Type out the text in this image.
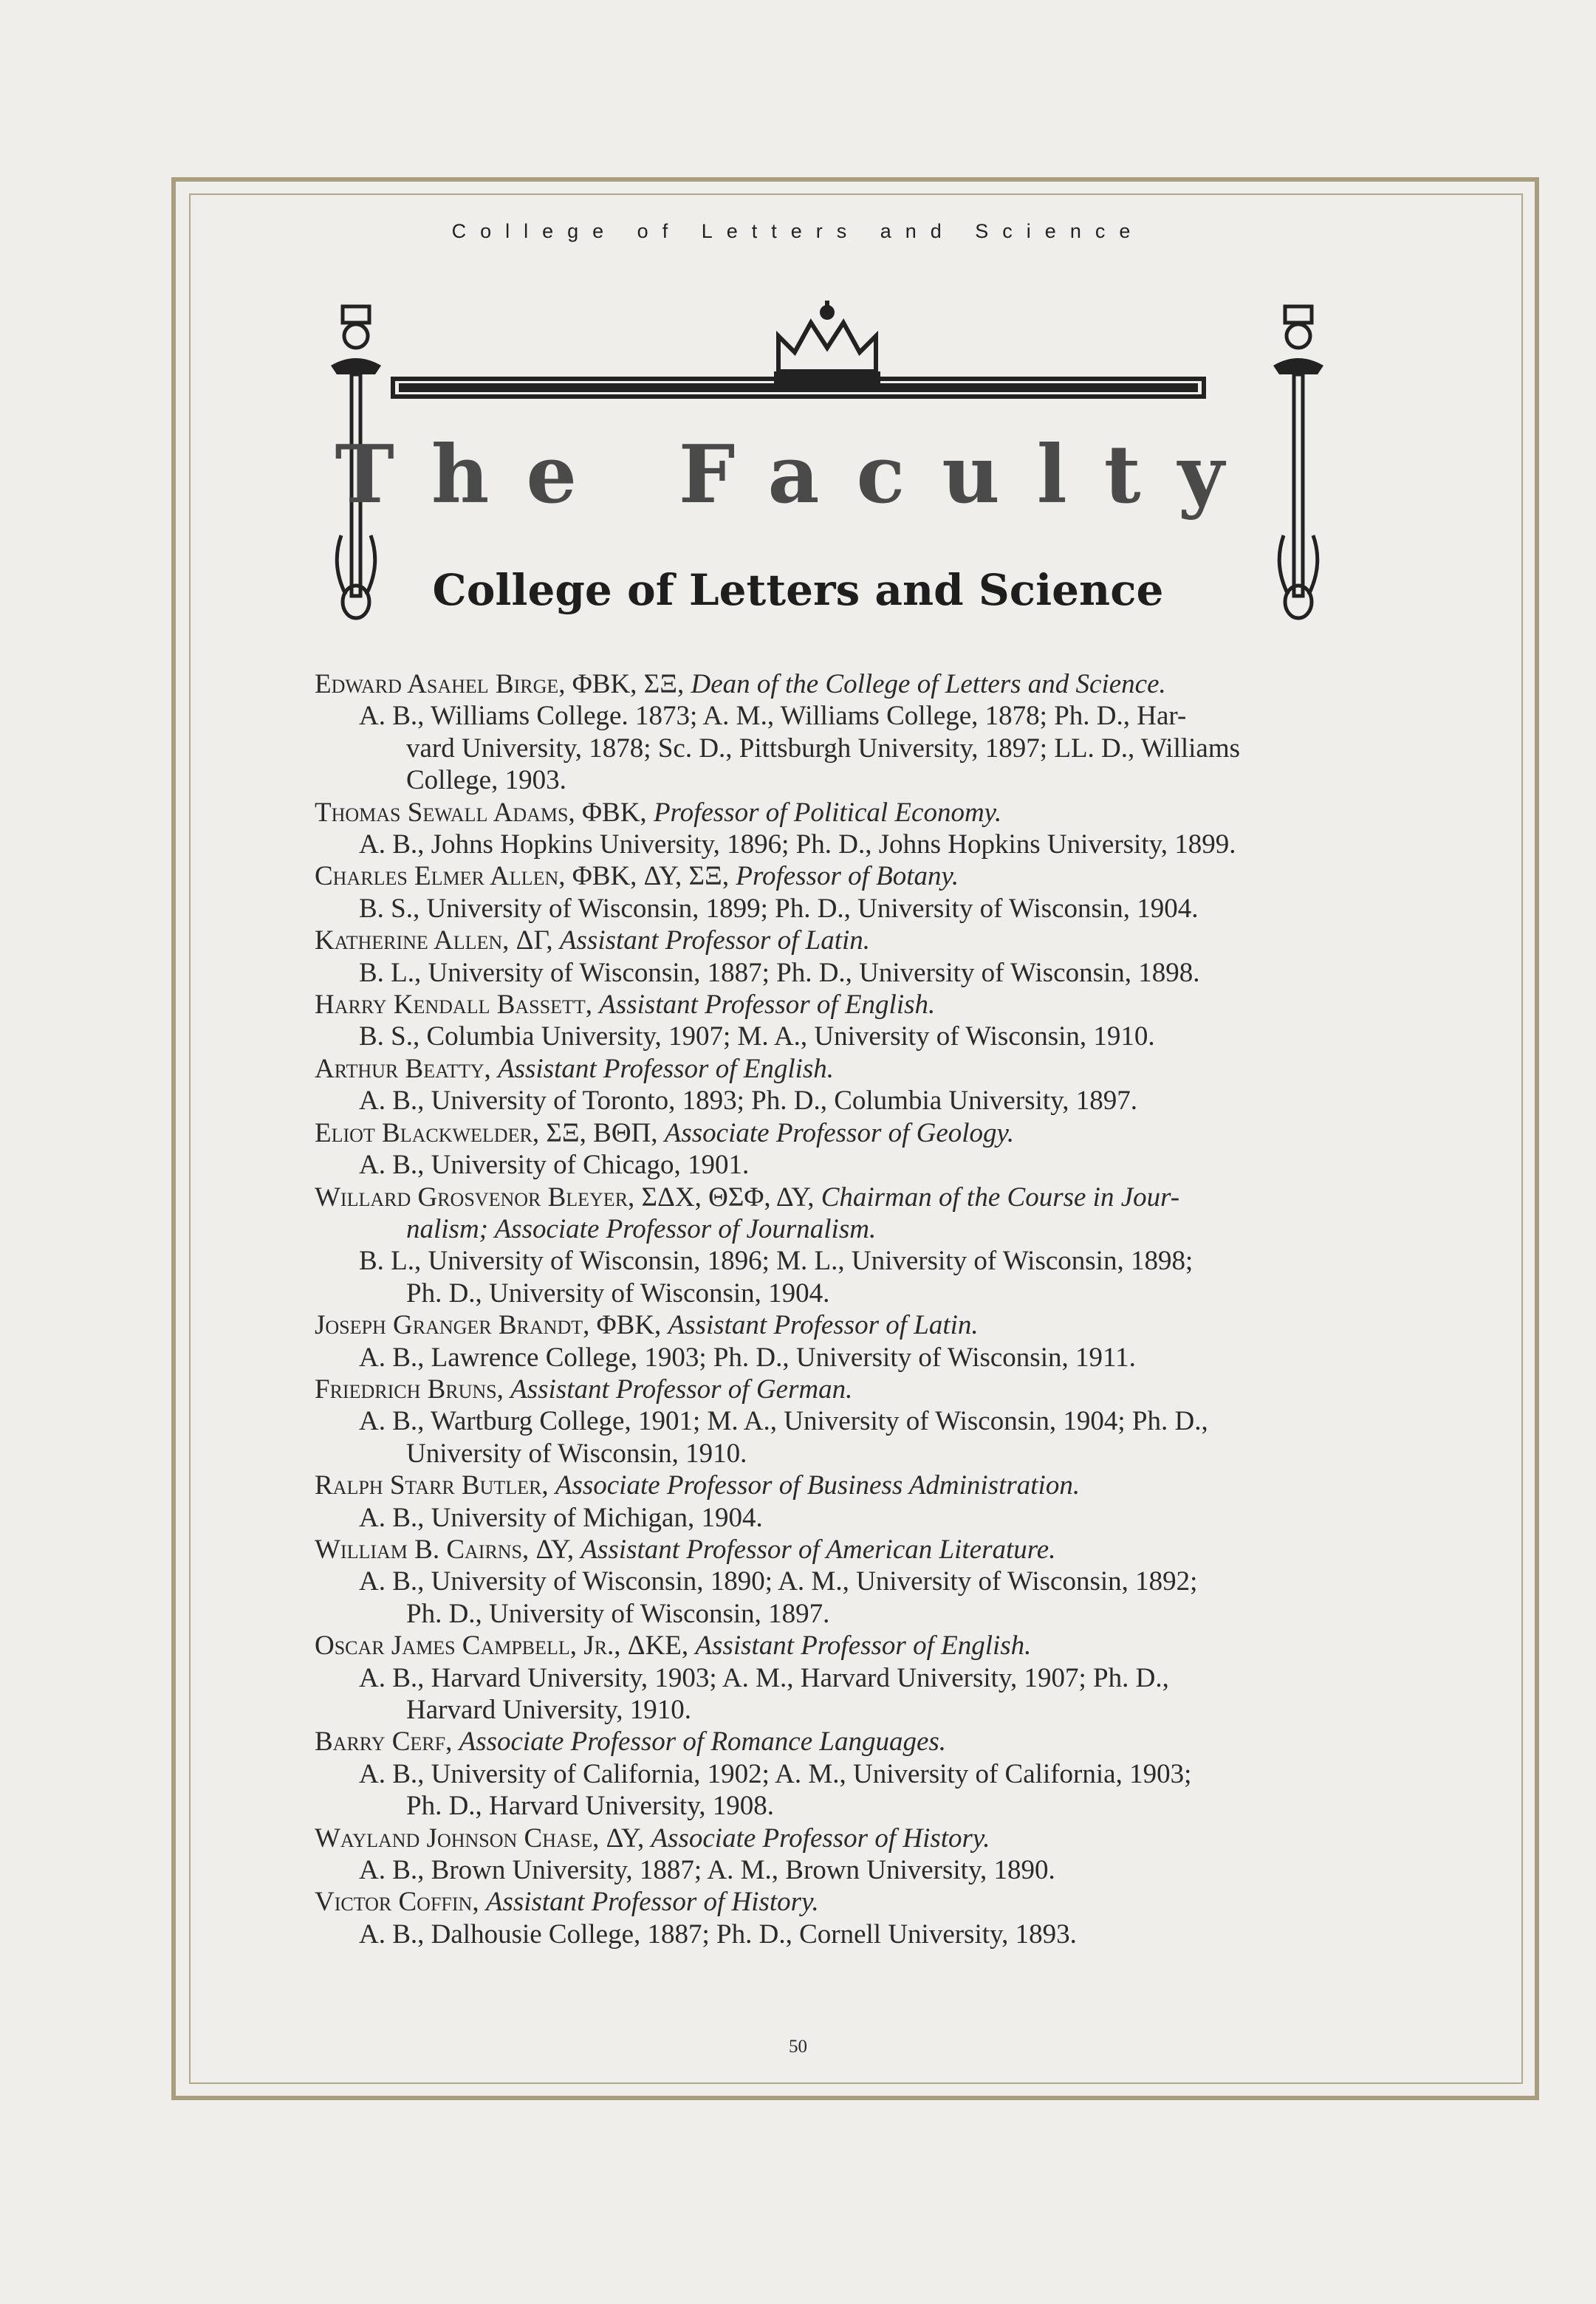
College of Letters and Science
The Faculty
College of Letters and Science
Edward Asahel Birge, ΦBK, ΣΞ, Dean of the College of Letters and Science.
A. B., Williams College. 1873; A. M., Williams College, 1878; Ph. D., Har-
vard University, 1878; Sc. D., Pittsburgh University, 1897; LL. D., Williams
College, 1903.
Thomas Sewall Adams, ΦBK, Professor of Political Economy.
A. B., Johns Hopkins University, 1896; Ph. D., Johns Hopkins University, 1899.
Charles Elmer Allen, ΦBK, ΔΥ, ΣΞ, Professor of Botany.
B. S., University of Wisconsin, 1899; Ph. D., University of Wisconsin, 1904.
Katherine Allen, ΔΓ, Assistant Professor of Latin.
B. L., University of Wisconsin, 1887; Ph. D., University of Wisconsin, 1898.
Harry Kendall Bassett, Assistant Professor of English.
B. S., Columbia University, 1907; M. A., University of Wisconsin, 1910.
Arthur Beatty, Assistant Professor of English.
A. B., University of Toronto, 1893; Ph. D., Columbia University, 1897.
Eliot Blackwelder, ΣΞ, BΘΠ, Associate Professor of Geology.
A. B., University of Chicago, 1901.
Willard Grosvenor Bleyer, ΣΔX, ΘΣΦ, ΔΥ, Chairman of the Course in Jour-
nalism; Associate Professor of Journalism.
B. L., University of Wisconsin, 1896; M. L., University of Wisconsin, 1898;
Ph. D., University of Wisconsin, 1904.
Joseph Granger Brandt, ΦBK, Assistant Professor of Latin.
A. B., Lawrence College, 1903; Ph. D., University of Wisconsin, 1911.
Friedrich Bruns, Assistant Professor of German.
A. B., Wartburg College, 1901; M. A., University of Wisconsin, 1904; Ph. D.,
University of Wisconsin, 1910.
Ralph Starr Butler, Associate Professor of Business Administration.
A. B., University of Michigan, 1904.
William B. Cairns, ΔΥ, Assistant Professor of American Literature.
A. B., University of Wisconsin, 1890; A. M., University of Wisconsin, 1892;
Ph. D., University of Wisconsin, 1897.
Oscar James Campbell, Jr., ΔKE, Assistant Professor of English.
A. B., Harvard University, 1903; A. M., Harvard University, 1907; Ph. D.,
Harvard University, 1910.
Barry Cerf, Associate Professor of Romance Languages.
A. B., University of California, 1902; A. M., University of California, 1903;
Ph. D., Harvard University, 1908.
Wayland Johnson Chase, ΔΥ, Associate Professor of History.
A. B., Brown University, 1887; A. M., Brown University, 1890.
Victor Coffin, Assistant Professor of History.
A. B., Dalhousie College, 1887; Ph. D., Cornell University, 1893.
50
